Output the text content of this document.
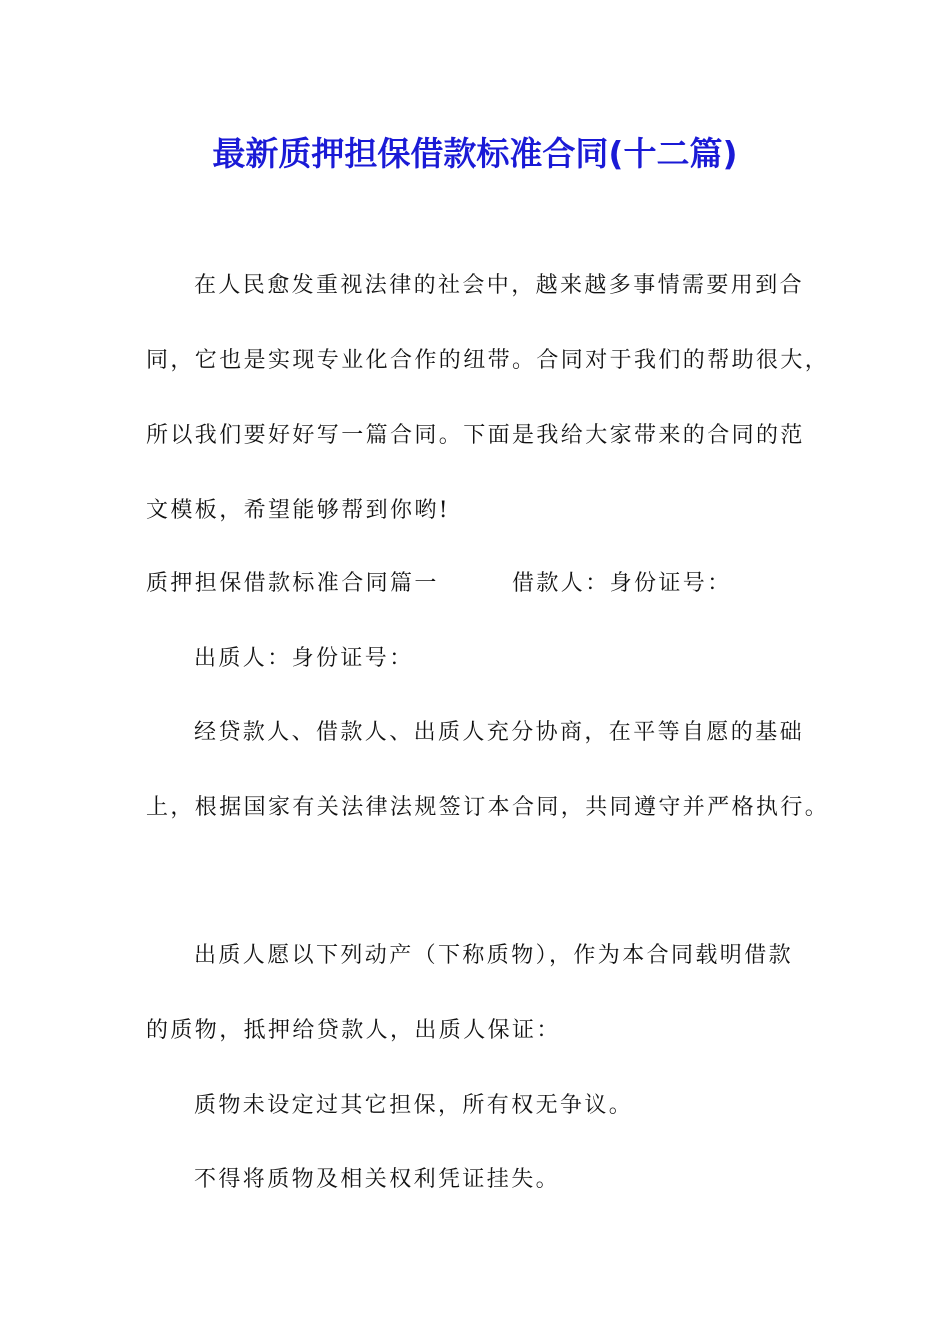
最新质押担保借款标准合同(十二篇)
在人民愈发重视法律的社会中，越来越多事情需要用到合
同，它也是实现专业化合作的纽带。合同对于我们的帮助很大，
所以我们要好好写一篇合同。下面是我给大家带来的合同的范
文模板，希望能够帮到你哟!
质押担保借款标准合同篇一　　　借款人：身份证号：
出质人：身份证号：
经贷款人、借款人、出质人充分协商，在平等自愿的基础
上，根据国家有关法律法规签订本合同，共同遵守并严格执行。
出质人愿以下列动产（下称质物），作为本合同载明借款
的质物，抵押给贷款人，出质人保证：
质物未设定过其它担保，所有权无争议。
不得将质物及相关权利凭证挂失。
